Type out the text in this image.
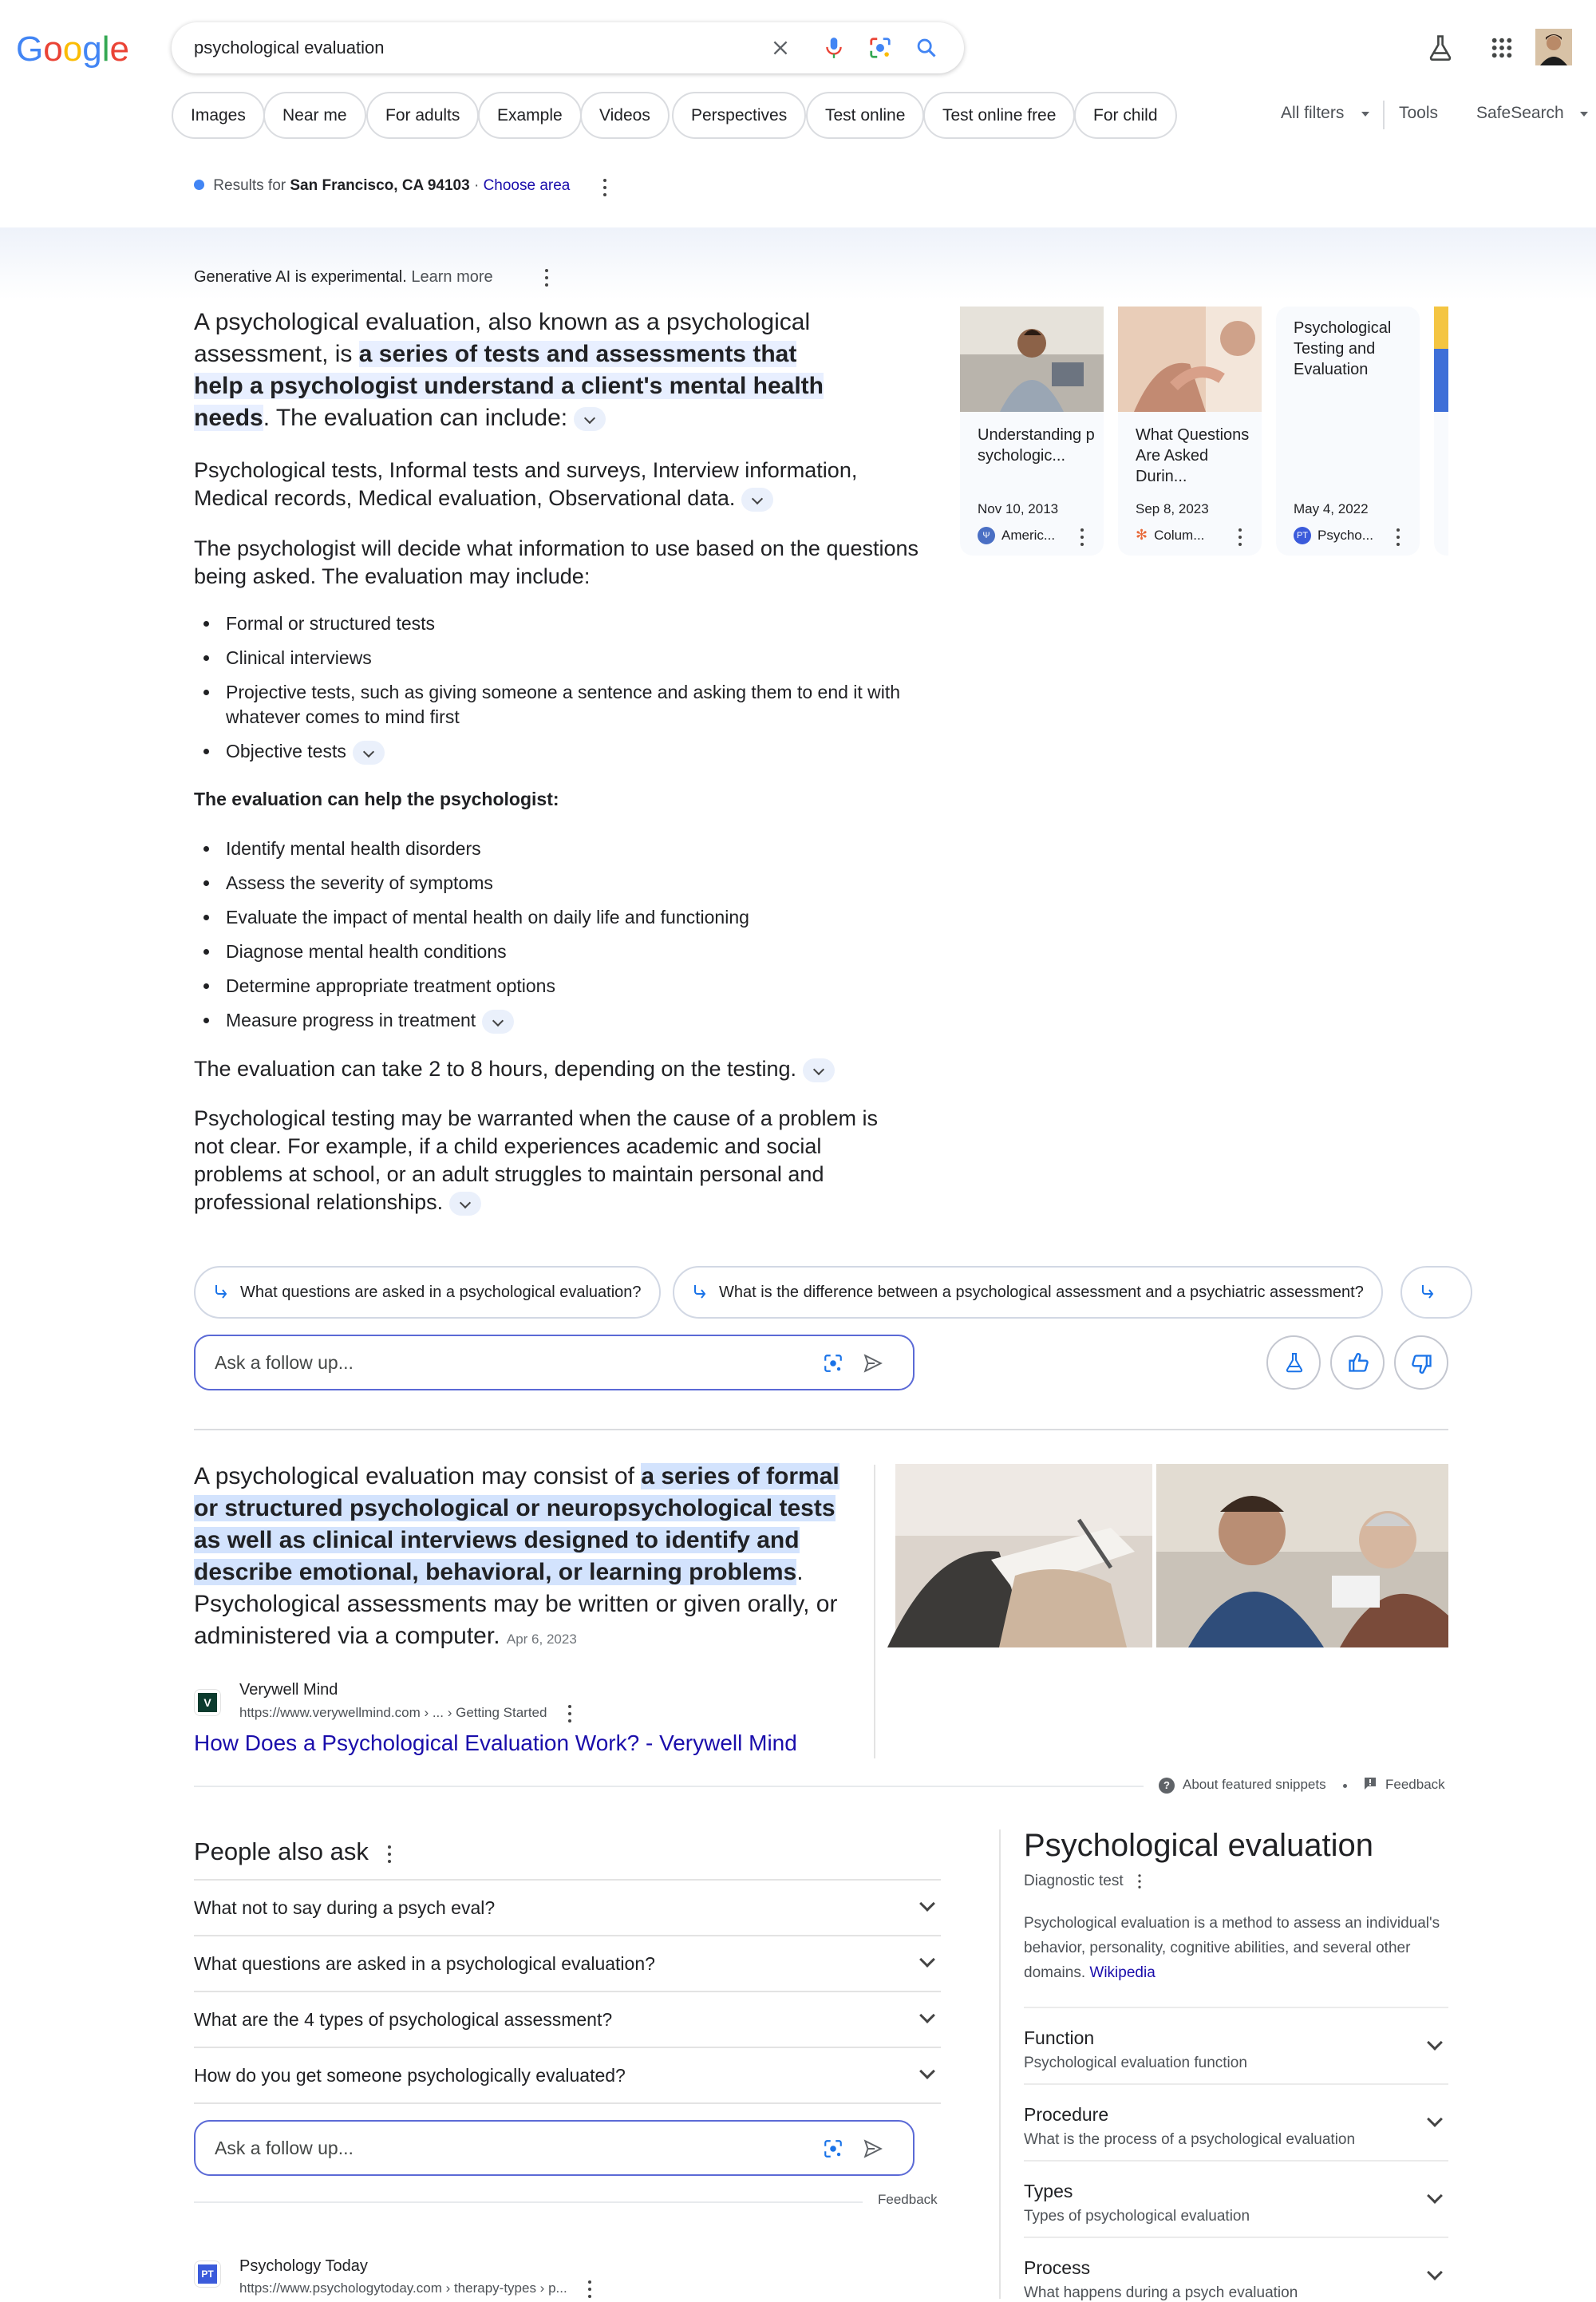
Google
psychological evaluation
Images	Near me	For adults	Example	Videos	Perspectives	Test online	Test online free	For child	All filters	Tools SafeSearch
Results for San Francisco, CA 94103 · Choose area
Generative AI is experimental. Learn more
A psychological evaluation, also known as a psychological assessment, is a series of tests and assessments that help a psychologist understand a client's mental health needs. The evaluation can include:
Psychological tests, Informal tests and surveys, Interview information, Medical records, Medical evaluation, Observational data.
The psychologist will decide what information to use based on the questions being asked. The evaluation may include:
Formal or structured tests
Clinical interviews
Projective tests, such as giving someone a sentence and asking them to end it with whatever comes to mind first
Objective tests
The evaluation can help the psychologist:
Identify mental health disorders
Assess the severity of symptoms
Evaluate the impact of mental health on daily life and functioning
Diagnose mental health conditions
Determine appropriate treatment options
Measure progress in treatment
The evaluation can take 2 to 8 hours, depending on the testing.
Psychological testing may be warranted when the cause of a problem is not clear. For example, if a child experiences academic and social problems at school, or an adult struggles to maintain personal and professional relationships.
Understanding psychologic...
Nov 10, 2013
Ψ Americ...
What Questions Are Asked Durin...
Sep 8, 2023
✻ Colum...
Psychological Testing and Evaluation
May 4, 2022
PT Psycho...
What questions are asked in a psychological evaluation?	What is the difference between a psychological assessment and a psychiatric assessment?
Ask a follow up...
A psychological evaluation may consist of a series of formal or structured psychological or neuropsychological tests as well as clinical interviews designed to identify and describe emotional, behavioral, or learning problems. Psychological assessments may be written or given orally, or administered via a computer. Apr 6, 2023
V
Verywell Mind
https://www.verywellmind.com › ... › Getting Started
How Does a Psychological Evaluation Work? - Verywell Mind
? About featured snippets	Feedback
People also ask
What not to say during a psych eval?
What questions are asked in a psychological evaluation?
What are the 4 types of psychological assessment?
How do you get someone psychologically evaluated?
Ask a follow up...
Feedback
PT Psychology Today
https://www.psychologytoday.com › therapy-types › p...
Psychological evaluation
Diagnostic test
Psychological evaluation is a method to assess an individual's behavior, personality, cognitive abilities, and several other domains. Wikipedia
Function
Psychological evaluation function
Procedure
What is the process of a psychological evaluation
Types
Types of psychological evaluation
Process
What happens during a psych evaluation
